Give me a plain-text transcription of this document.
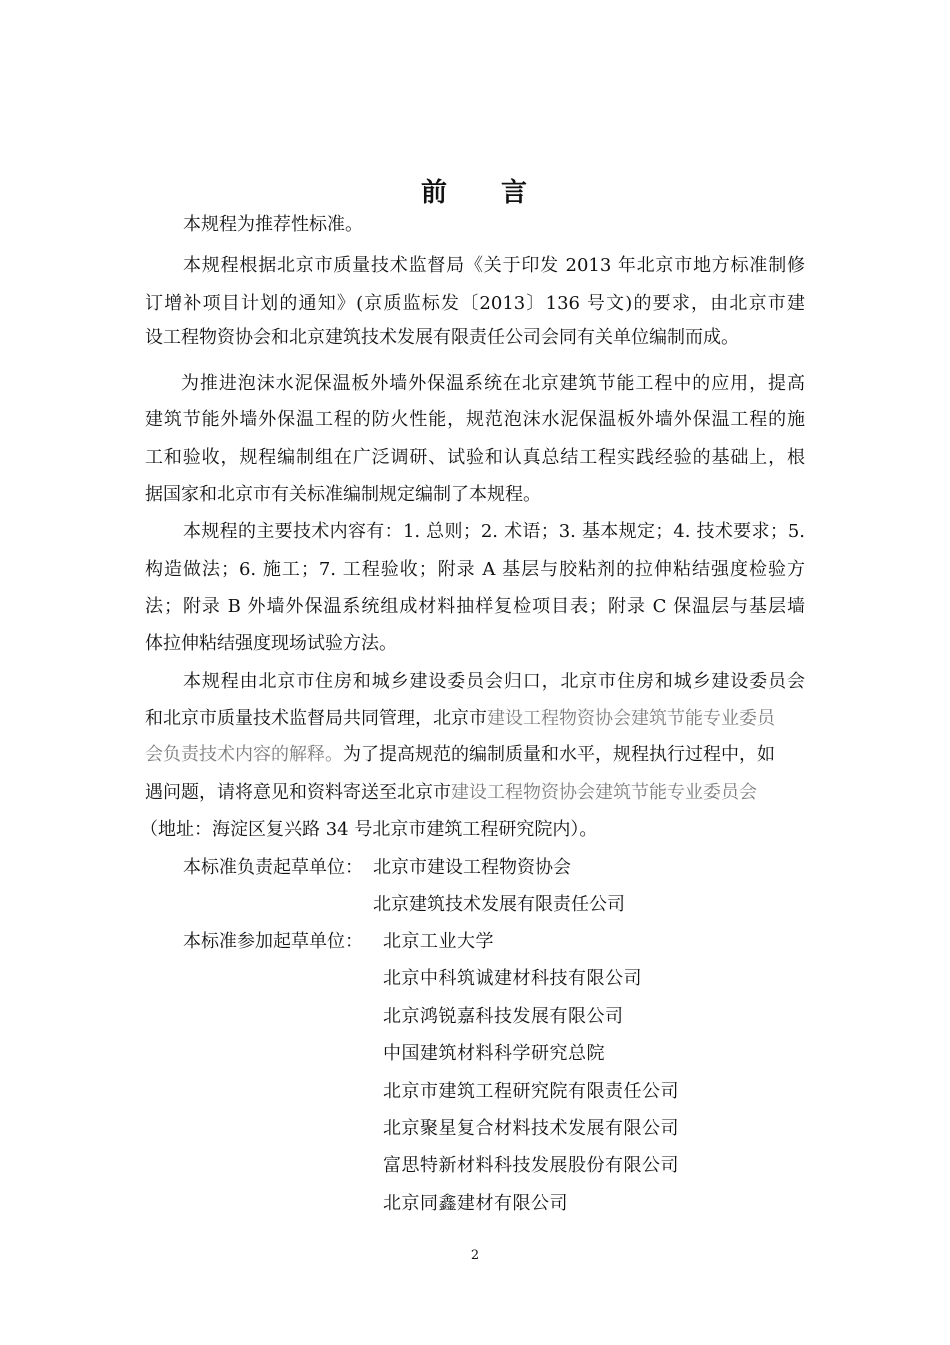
前 言
本规程为推荐性标准。
本规程根据北京市质量技术监督局《关于印发 2013 年北京市地方标准制修
订增补项目计划的通知》(京质监标发〔2013〕136 号文)的要求，由北京市建
设工程物资协会和北京建筑技术发展有限责任公司会同有关单位编制而成。
为推进泡沫水泥保温板外墙外保温系统在北京建筑节能工程中的应用，提高
建筑节能外墙外保温工程的防火性能，规范泡沫水泥保温板外墙外保温工程的施
工和验收，规程编制组在广泛调研、试验和认真总结工程实践经验的基础上，根
据国家和北京市有关标准编制规定编制了本规程。
本规程的主要技术内容有：1. 总则；2. 术语；3. 基本规定；4. 技术要求；5.
构造做法；6. 施工；7. 工程验收；附录 A 基层与胶粘剂的拉伸粘结强度检验方
法；附录 B 外墙外保温系统组成材料抽样复检项目表；附录 C 保温层与基层墙
体拉伸粘结强度现场试验方法。
本规程由北京市住房和城乡建设委员会归口，北京市住房和城乡建设委员会
和北京市质量技术监督局共同管理，北京市建设工程物资协会建筑节能专业委员
会负责技术内容的解释。为了提高规范的编制质量和水平，规程执行过程中，如
遇问题，请将意见和资料寄送至北京市建设工程物资协会建筑节能专业委员会
（地址：海淀区复兴路 34 号北京市建筑工程研究院内）。
本标准负责起草单位： 北京市建设工程物资协会
北京建筑技术发展有限责任公司
本标准参加起草单位： 北京工业大学
北京中科筑诚建材科技有限公司
北京鸿锐嘉科技发展有限公司
中国建筑材料科学研究总院
北京市建筑工程研究院有限责任公司
北京聚星复合材料技术发展有限公司
富思特新材料科技发展股份有限公司
北京同鑫建材有限公司
2
